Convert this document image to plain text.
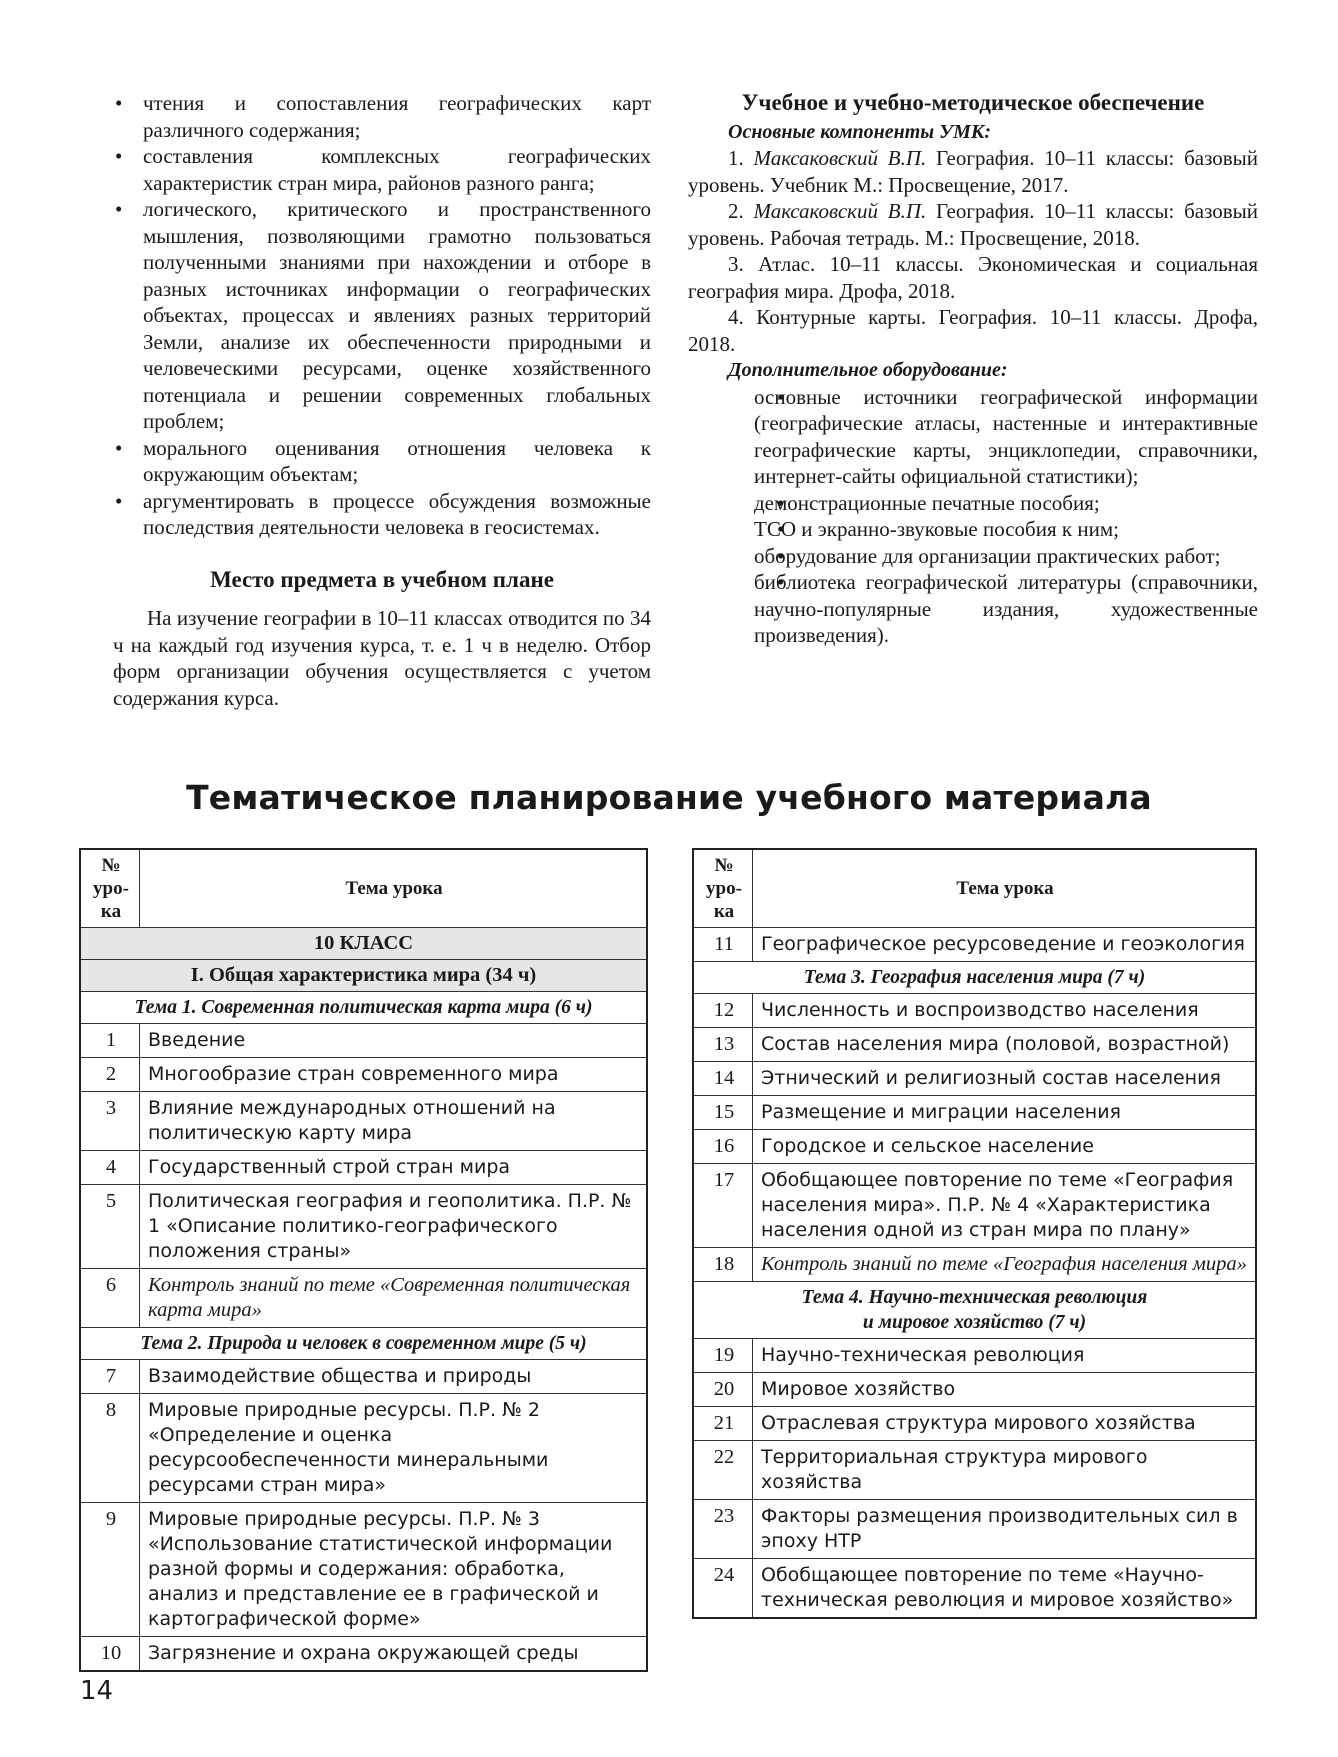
• чтения и сопоставления географических карт различного содержания;
• составления комплексных географических характеристик стран мира, районов разного ранга;
• логического, критического и пространственного мышления, позволяющими грамотно пользоваться полученными знаниями при нахождении и отборе в разных источниках информации о географических объектах, процессах и явлениях разных территорий Земли, анализе их обеспеченности природными и человеческими ресурсами, оценке хозяйственного потенциала и решении современных глобальных проблем;
• морального оценивания отношения человека к окружающим объектам;
• аргументировать в процессе обсуждения возможные последствия деятельности человека в геосистемах.

Место предмета в учебном плане

На изучение географии в 10–11 классах отводится по 34 ч на каждый год изучения курса, т. е. 1 ч в неделю. Отбор форм организации обучения осуществляется с учетом содержания курса.

Учебное и учебно-методическое обеспечение

Основные компоненты УМК:

1. Максаковский В.П. География. 10–11 классы: базовый уровень. Учебник М.: Просвещение, 2017.

2. Максаковский В.П. География. 10–11 классы: базовый уровень. Рабочая тетрадь. М.: Просвещение, 2018.

3. Атлас. 10–11 классы. Экономическая и социальная география мира. Дрофа, 2018.

4. Контурные карты. География. 10–11 классы. Дрофа, 2018.

Дополнительное оборудование:

• основные источники географической информации (географические атласы, настенные и интерактивные географические карты, энциклопедии, справочники, интернет-сайты официальной статистики);
• демонстрационные печатные пособия;
• ТСО и экранно-звуковые пособия к ним;
• оборудование для организации практических работ;
• библиотека географической литературы (справочники, научно-популярные издания, художественные произведения).
Тематическое планирование учебного материала
№ уро-ка	Тема урока
10 КЛАСС	
I. Общая характеристика мира (34 ч)	
Тема 1. Современная политическая карта мира (6 ч)	
1	Введение
2	Многообразие стран современного мира
3	Влияние международных отношений на политическую карту мира
4	Государственный строй стран мира
5	Политическая география и геополитика. П.Р. № 1 «Описание политико-географического положения страны»
6	Контроль знаний по теме «Современная политическая карта мира»
Тема 2. Природа и человек в современном мире (5 ч)	
7	Взаимодействие общества и природы
8	Мировые природные ресурсы. П.Р. № 2 «Определение и оценка ресурсообеспеченности минеральными ресурсами стран мира»
9	Мировые природные ресурсы. П.Р. № 3 «Использование статистической информации разной формы и содержания: обработка, анализ и представление ее в графической и картографической форме»
10	Загрязнение и охрана окружающей среды
№ уро-ка	Тема урока
11	Географическое ресурсоведение и геоэкология
Тема 3. География населения мира (7 ч)	
12	Численность и воспроизводство населения
13	Состав населения мира (половой, возрастной)
14	Этнический и религиозный состав населения
15	Размещение и миграции населения
16	Городское и сельское население
17	Обобщающее повторение по теме «География населения мира». П.Р. № 4 «Характеристика населения одной из стран мира по плану»
18	Контроль знаний по теме «География населения мира»
Тема 4. Научно-техническая революция
и мировое хозяйство (7 ч)	
19	Научно-техническая революция
20	Мировое хозяйство
21	Отраслевая структура мирового хозяйства
22	Территориальная структура мирового хозяйства
23	Факторы размещения производительных сил в эпоху НТР
24	Обобщающее повторение по теме «Научно-техническая революция и мировое хозяйство»

14
